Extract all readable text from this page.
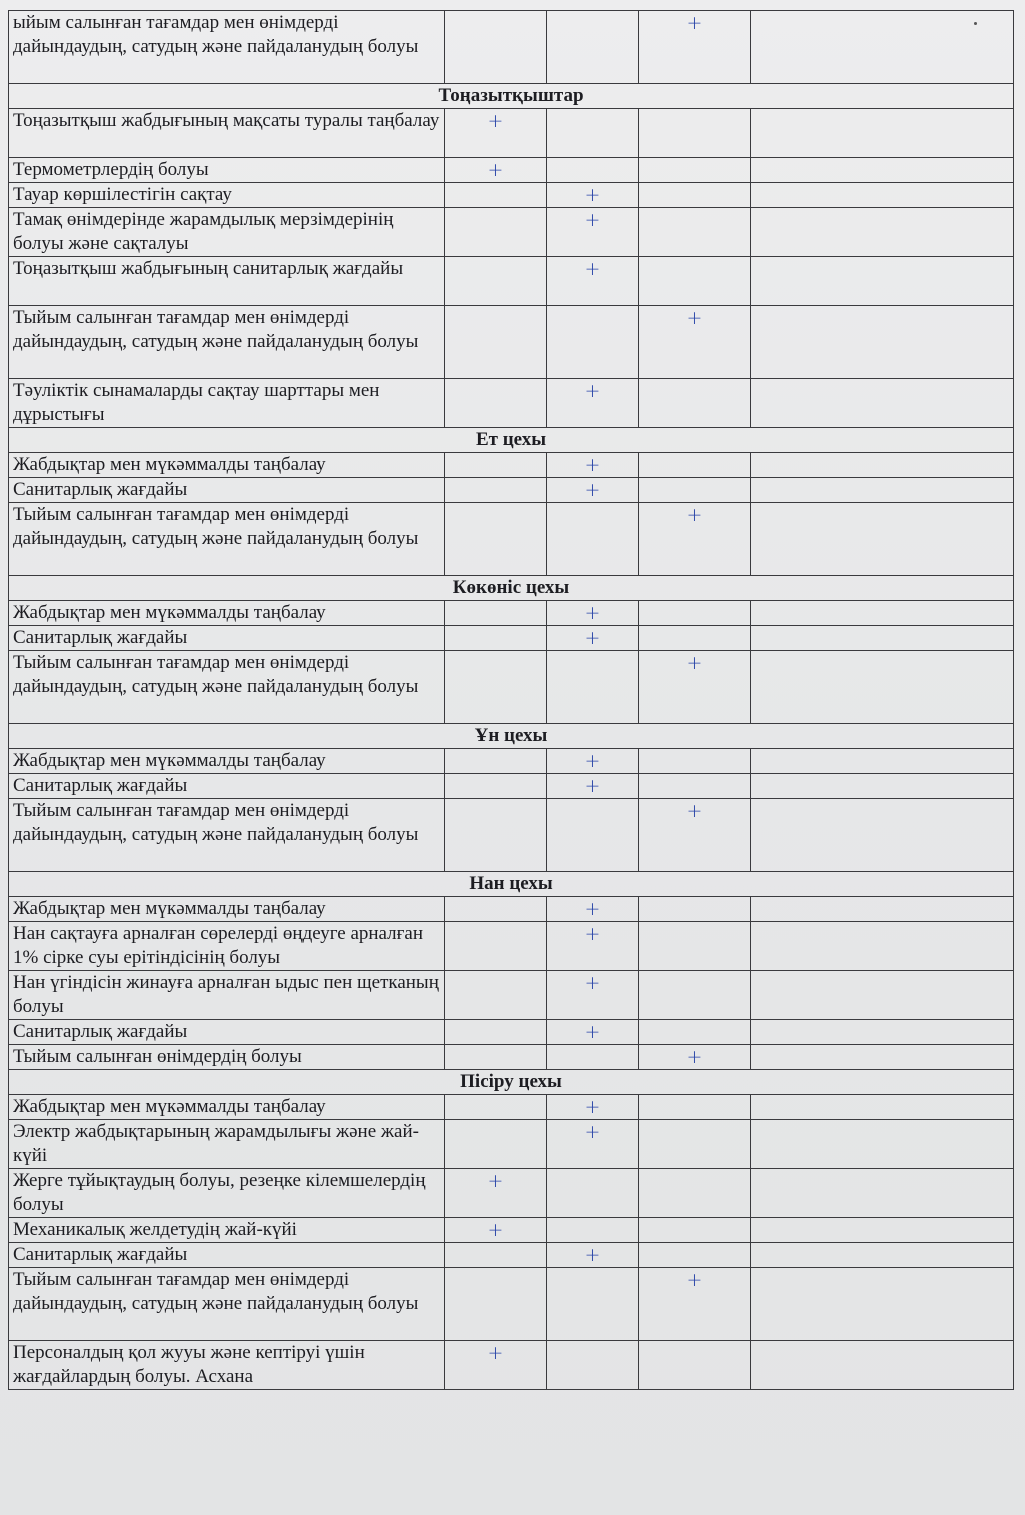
ыйым салынған тағамдар мен өнімдерді дайындаудың, сатудың және пайдаланудың болуы			+	
Тоңазытқыштар				
Тоңазытқыш жабдығының мақсаты туралы таңбалау	+			
Термометрлердің болуы	+			
Тауар көршілестігін сақтау		+		
Тамақ өнімдерінде жарамдылық мерзімдерінің болуы және сақталуы		+		
Тоңазытқыш жабдығының санитарлық жағдайы		+		
Тыйым салынған тағамдар мен өнімдерді дайындаудың, сатудың және пайдаланудың болуы			+	
Тәуліктік сынамаларды сақтау шарттары мен дұрыстығы		+		
Ет цехы				
Жабдықтар мен мүкәммалды таңбалау		+		
Санитарлық жағдайы		+		
Тыйым салынған тағамдар мен өнімдерді дайындаудың, сатудың және пайдаланудың болуы			+	
Көкөніс цехы				
Жабдықтар мен мүкәммалды таңбалау		+		
Санитарлық жағдайы		+		
Тыйым салынған тағамдар мен өнімдерді дайындаудың, сатудың және пайдаланудың болуы			+	
Ұн цехы				
Жабдықтар мен мүкәммалды таңбалау		+		
Санитарлық жағдайы		+		
Тыйым салынған тағамдар мен өнімдерді дайындаудың, сатудың және пайдаланудың болуы			+	
Нан цехы				
Жабдықтар мен мүкәммалды таңбалау		+		
Нан сақтауға арналған сөрелерді өңдеуге арналған 1% сірке суы ерітіндісінің болуы		+		
Нан үгіндісін жинауға арналған ыдыс пен щетканың болуы		+		
Санитарлық жағдайы		+		
Тыйым салынған өнімдердің болуы			+	
Пісіру цехы				
Жабдықтар мен мүкәммалды таңбалау		+		
Электр жабдықтарының жарамдылығы және жай-күйі		+		
Жерге тұйықтаудың болуы, резеңке кілемшелердің болуы	+			
Механикалық желдетудің жай-күйі	+			
Санитарлық жағдайы		+		
Тыйым салынған тағамдар мен өнімдерді дайындаудың, сатудың және пайдаланудың болуы			+	
Персоналдың қол жууы және кептіруі үшін жағдайлардың болуы. Асхана	+			
